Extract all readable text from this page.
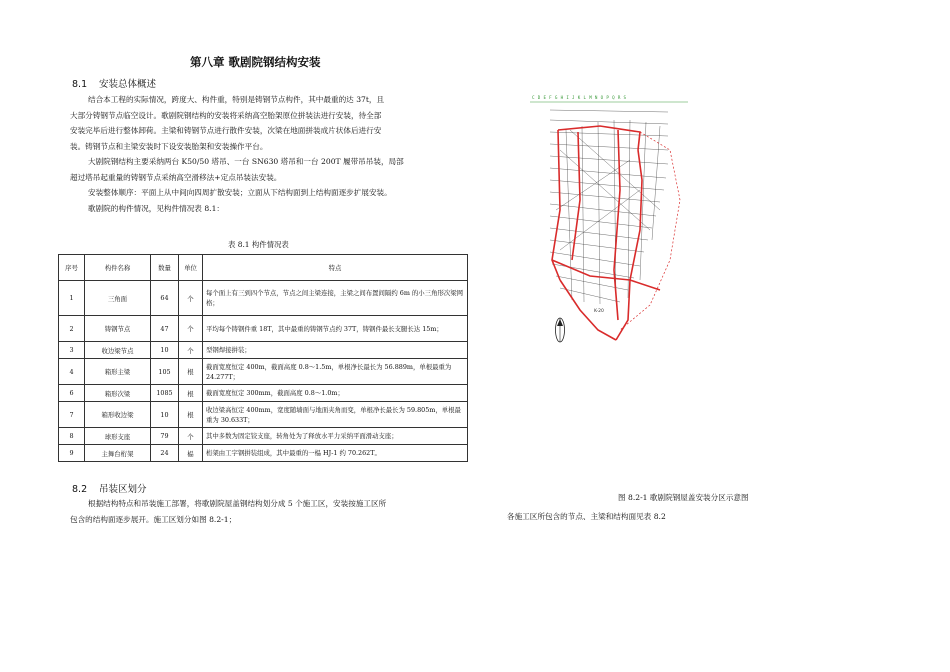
第八章 歌剧院钢结构安装
8.1 安装总体概述
结合本工程的实际情况，跨度大、构件重，特别是铸钢节点构件，其中最重的达 37t，且
大部分铸钢节点临空设计。歌剧院钢结构的安装将采纳高空胎架原位拼装法进行安装，待全部
安装完毕后进行整体卸荷。主梁和铸钢节点进行散件安装，次梁在地面拼装成片状体后进行安
装。铸钢节点和主梁安装时下设安装胎架和安装操作平台。
大剧院钢结构主要采纳两台 K50/50 塔吊、一台 SN630 塔吊和一台 200T 履带吊吊装，局部
超过塔吊起重量的铸钢节点采纳高空滑移法+定点吊装法安装。
安装整体顺序：平面上从中间向四周扩散安装；立面从下结构面到上结构面逐步扩展安装。
歌剧院的构件情况，见构件情况表 8.1：
表 8.1 构件情况表
序号	构件名称	数量	单位	特点
1	三角面	64	个	每个面上有三到四个节点，节点之间主梁连接，主梁之间布置间隔约 6m 的小三角形次梁网格；
2	铸钢节点	47	个	平均每个铸钢件重 18T，其中最重的铸钢节点约 37T，铸钢件最长支腿长达 15m；
3	收边梁节点	10	个	型钢焊接拼装；
4	箱形主梁	105	根	截面宽度恒定 400m，截面高度 0.8～1.5m，单根净长最长为 56.889m，单根最重为 24.277T；
6	箱形次梁	1085	根	截面宽度恒定 300mm，截面高度 0.8～1.0m；
7	箱形收边梁	10	根	收边梁高恒定 400mm，宽度随墙面与地面夹角而变，单根净长最长为 59.805m，单根最重为 30.633T；
8	球形支座	79	个	其中多数为固定铰支座，转角处为了释放水平力采纳平面滑动支座；
9	主舞台桁架	24	榀	桁架由工字钢拼装组成，其中最重的一榀 HJ-1 约 70.262T。
8.2 吊装区划分
根据结构特点和吊装施工部署，将歌剧院屋盖钢结构划分成 5 个施工区，安装按施工区所
包含的结构面逐步展开。施工区划分如图 8.2-1；
CDEFGHIJKLMNOPQRS
K-20
图 8.2-1 歌剧院钢屋盖安装分区示意图
各施工区所包含的节点、主梁和结构面见表 8.2
